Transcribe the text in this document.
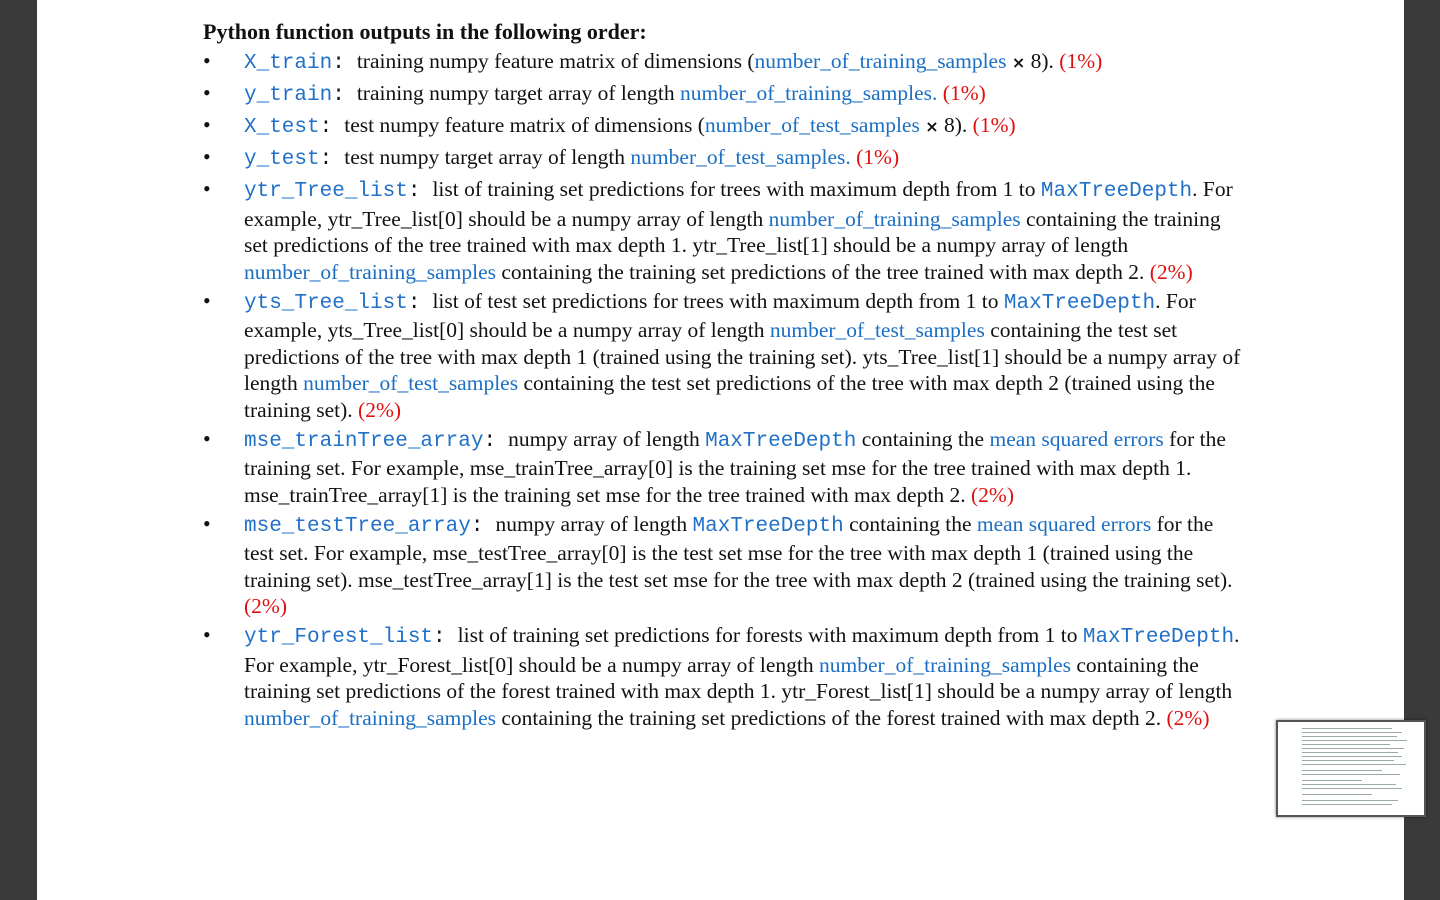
Python function outputs in the following order:
• X_train: training numpy feature matrix of dimensions (number_of_training_samples × 8). (1%)
• y_train: training numpy target array of length number_of_training_samples. (1%)
• X_test: test numpy feature matrix of dimensions (number_of_test_samples × 8). (1%)
• y_test: test numpy target array of length number_of_test_samples. (1%)
• ytr_Tree_list: list of training set predictions for trees with maximum depth from 1 to MaxTreeDepth. For example, ytr_Tree_list[0] should be a numpy array of length number_of_training_samples containing the training set predictions of the tree trained with max depth 1. ytr_Tree_list[1] should be a numpy array of length number_of_training_samples containing the training set predictions of the tree trained with max depth 2. (2%)
• yts_Tree_list: list of test set predictions for trees with maximum depth from 1 to MaxTreeDepth. For example, yts_Tree_list[0] should be a numpy array of length number_of_test_samples containing the test set predictions of the tree with max depth 1 (trained using the training set). yts_Tree_list[1] should be a numpy array of length number_of_test_samples containing the test set predictions of the tree with max depth 2 (trained using the training set). (2%)
• mse_trainTree_array: numpy array of length MaxTreeDepth containing the mean squared errors for the training set. For example, mse_trainTree_array[0] is the training set mse for the tree trained with max depth 1. mse_trainTree_array[1] is the training set mse for the tree trained with max depth 2. (2%)
• mse_testTree_array: numpy array of length MaxTreeDepth containing the mean squared errors for the test set. For example, mse_testTree_array[0] is the test set mse for the tree with max depth 1 (trained using the training set). mse_testTree_array[1] is the test set mse for the tree with max depth 2 (trained using the training set). (2%)
• ytr_Forest_list: list of training set predictions for forests with maximum depth from 1 to MaxTreeDepth. For example, ytr_Forest_list[0] should be a numpy array of length number_of_training_samples containing the training set predictions of the forest trained with max depth 1. ytr_Forest_list[1] should be a numpy array of length number_of_training_samples containing the training set predictions of the forest trained with max depth 2. (2%)
